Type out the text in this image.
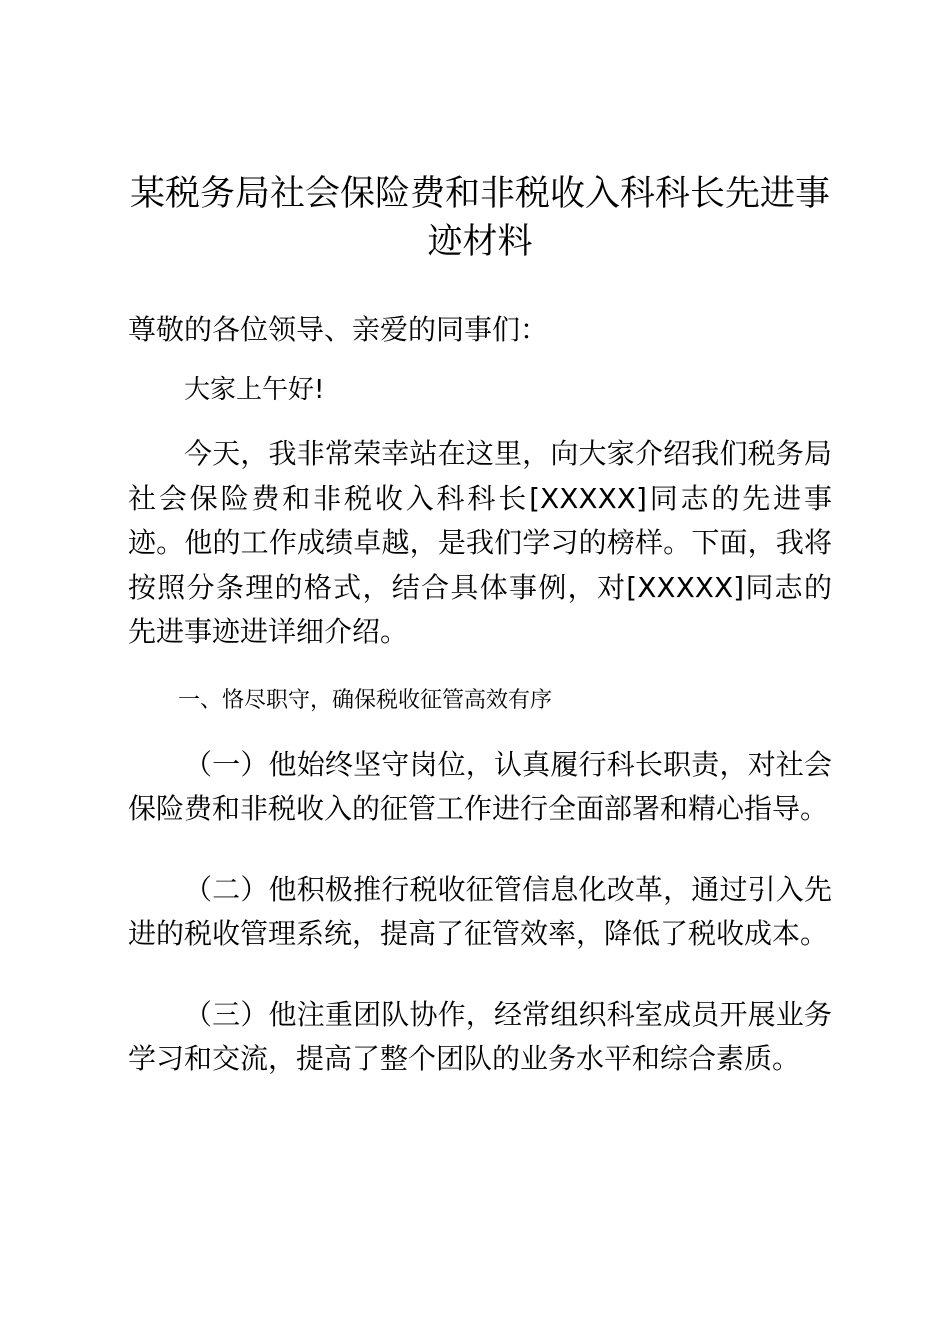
某税务局社会保险费和非税收入科科长先进事迹材料

尊敬的各位领导、亲爱的同事们：

大家上午好!

今天，我非常荣幸站在这里，向大家介绍我们税务局社会保险费和非税收入科科长[XXXXX]同志的先进事迹。他的工作成绩卓越，是我们学习的榜样。下面，我将按照分条理的格式，结合具体事例，对[XXXXX]同志的先进事迹进详细介绍。

一、恪尽职守，确保税收征管高效有序

（一）他始终坚守岗位，认真履行科长职责，对社会保险费和非税收入的征管工作进行全面部署和精心指导。

（二）他积极推行税收征管信息化改革，通过引入先进的税收管理系统，提高了征管效率，降低了税收成本。

（三）他注重团队协作，经常组织科室成员开展业务学习和交流，提高了整个团队的业务水平和综合素质。
